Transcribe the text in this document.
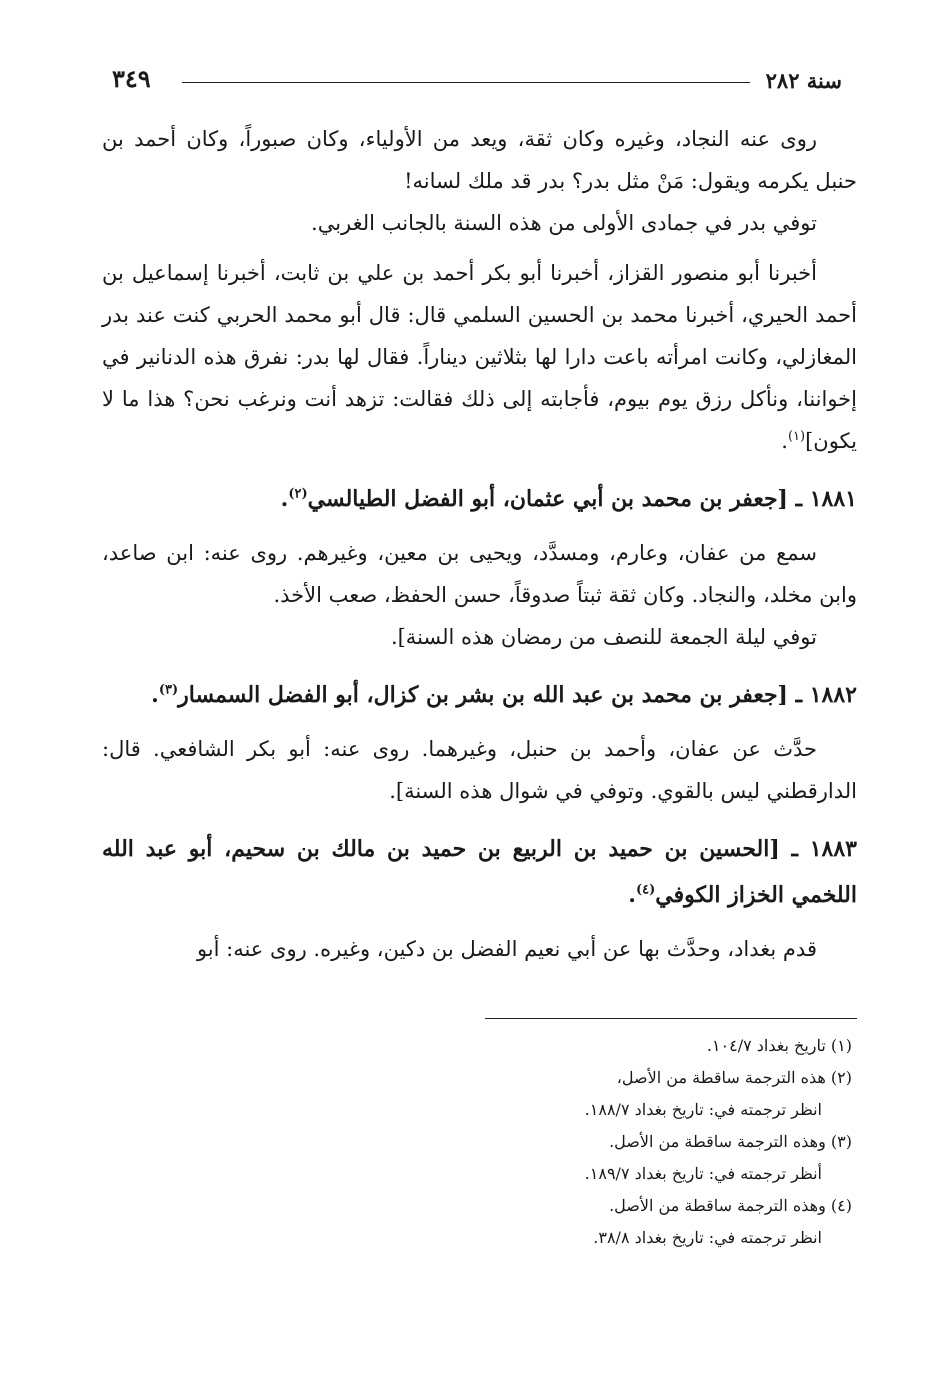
سنة ٢٨٢
٣٤٩

روى عنه النجاد، وغيره وكان ثقة، ويعد من الأولياء، وكان صبوراً، وكان أحمد بن حنبل يكرمه ويقول: مَنْ مثل بدر؟ بدر قد ملك لسانه!

توفي بدر في جمادى الأولى من هذه السنة بالجانب الغربي.

أخبرنا أبو منصور القزاز، أخبرنا أبو بكر أحمد بن علي بن ثابت، أخبرنا إسماعيل بن أحمد الحيري، أخبرنا محمد بن الحسين السلمي قال: قال أبو محمد الحربي كنت عند بدر المغازلي، وكانت امرأته باعت دارا لها بثلاثين ديناراً. فقال لها بدر: نفرق هذه الدنانير في إخواننا، ونأكل رزق يوم بيوم، فأجابته إلى ذلك فقالت: تزهد أنت ونرغب نحن؟ هذا ما لا يكون]$^{(١)}$.

١٨٨١ ـ [جعفر بن محمد بن أبي عثمان، أبو الفضل الطيالسي$^{(٢)}$.

سمع من عفان، وعارم، ومسدَّد، ويحيى بن معين، وغيرهم. روى عنه: ابن صاعد، وابن مخلد، والنجاد. وكان ثقة ثبتاً صدوقاً، حسن الحفظ، صعب الأخذ.

توفي ليلة الجمعة للنصف من رمضان هذه السنة].

١٨٨٢ ـ [جعفر بن محمد بن عبد الله بن بشر بن كزال، أبو الفضل السمسار$^{(٣)}$.

حدَّث عن عفان، وأحمد بن حنبل، وغيرهما. روى عنه: أبو بكر الشافعي. قال: الدارقطني ليس بالقوي. وتوفي في شوال هذه السنة].

١٨٨٣ ـ [الحسين بن حميد بن الربيع بن حميد بن مالك بن سحيم، أبو عبد الله اللخمي الخزاز الكوفي$^{(٤)}$.

قدم بغداد، وحدَّث بها عن أبي نعيم الفضل بن دكين، وغيره. روى عنه: أبو

(١) تاريخ بغداد ١٠٤/٧.
(٢) هذه الترجمة ساقطة من الأصل،
انظر ترجمته في: تاريخ بغداد ١٨٨/٧.
(٣) وهذه الترجمة ساقطة من الأصل.
أنظر ترجمته في: تاريخ بغداد ١٨٩/٧.
(٤) وهذه الترجمة ساقطة من الأصل.
انظر ترجمته في: تاريخ بغداد ٣٨/٨.
